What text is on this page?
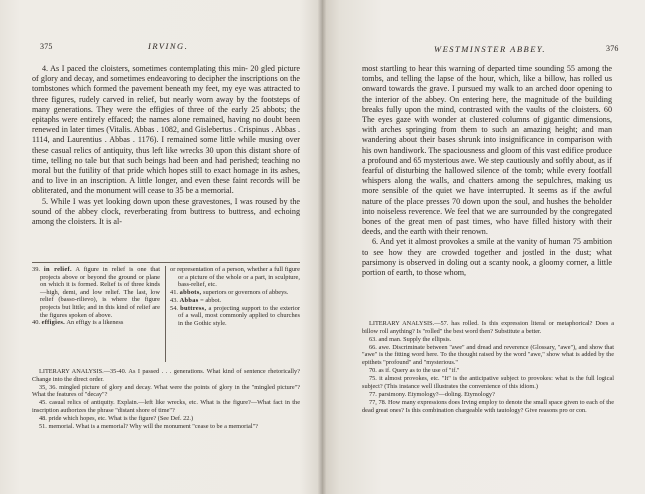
375	IRVING.

4. As I paced the cloisters, sometimes contemplating this min- 20 gled picture of glory and decay, and sometimes endeavoring to decipher the inscriptions on the tombstones which formed the pavement beneath my feet, my eye was attracted to three figures, rudely carved in relief, but nearly worn away by the footsteps of many generations. They were the effigies of three of the early 25 abbots; the epitaphs were entirely effaced; the names alone remained, having no doubt been renewed in later times (Vitalis. Abbas . 1082, and Gislebertus . Crispinus . Abbas . 1114, and Laurentius . Abbas . 1176). I remained some little while musing over these casual relics of antiquity, thus left like wrecks 30 upon this distant shore of time, telling no tale but that such beings had been and had perished; teaching no moral but the futility of that pride which hopes still to exact homage in its ashes, and to live in an inscription. A little longer, and even these faint records will be obliterated, and the monument will cease to 35 be a memorial.

5. While I was yet looking down upon these gravestones, I was roused by the sound of the abbey clock, reverberating from buttress to buttress, and echoing among the cloisters. It is al-

39. in relief. A figure in relief is one that projects above or beyond the ground or plane on which it is formed. Relief is of three kinds—high, demi, and low relief. The last, low relief (basso-rilievo), is where the figure projects but little; and in this kind of relief are the figures spoken of above.
40. effigies. An effigy is a likeness
or representation of a person, whether a full figure or a picture of the whole or a part, in sculpture, bass-relief, etc.
41. abbots, superiors or governors of abbeys.
43. Abbas = abbot.
54. buttress, a projecting support to the exterior of a wall, most commonly applied to churches in the Gothic style.

LITERARY ANALYSIS.—35-40. As I passed . . . generations. What kind of sentence rhetorically? Change into the direct order.

35, 36. mingled picture of glory and decay. What were the points of glory in the "mingled picture"? What the features of "decay"?

45. casual relics of antiquity. Explain.—left like wrecks, etc. What is the figure?—What fact in the inscription authorizes the phrase "distant shore of time"?

48. pride which hopes, etc. What is the figure? (See Def. 22.)

51. memorial. What is a memorial? Why will the monument "cease to be a memorial"?

WESTMINSTER ABBEY.	376

most startling to hear this warning of departed time sounding 55 among the tombs, and telling the lapse of the hour, which, like a billow, has rolled us onward towards the grave. I pursued my walk to an arched door opening to the interior of the abbey. On entering here, the magnitude of the building breaks fully upon the mind, contrasted with the vaults of the cloisters. 60 The eyes gaze with wonder at clustered columns of gigantic dimensions, with arches springing from them to such an amazing height; and man wandering about their bases shrunk into insignificance in comparison with his own handiwork. The spaciousness and gloom of this vast edifice produce a profound and 65 mysterious awe. We step cautiously and softly about, as if fearful of disturbing the hallowed silence of the tomb; while every footfall whispers along the walls, and chatters among the sepulchres, making us more sensible of the quiet we have interrupted. It seems as if the awful nature of the place presses 70 down upon the soul, and hushes the beholder into noiseless reverence. We feel that we are surrounded by the congregated bones of the great men of past times, who have filled history with their deeds, and the earth with their renown.

6. And yet it almost provokes a smile at the vanity of human 75 ambition to see how they are crowded together and jostled in the dust; what parsimony is observed in doling out a scanty nook, a gloomy corner, a little portion of earth, to those whom,

LITERARY ANALYSIS.—57. has rolled. Is this expression literal or metaphorical? Does a billow roll anything? Is "rolled" the best word then? Substitute a better.

63. and man. Supply the ellipsis.

66. awe. Discriminate between "awe" and dread and reverence (Glossary, "awe"), and show that "awe" is the fitting word here. To the thought raised by the word "awe," show what is added by the epithets "profound" and "mysterious."

70. as if. Query as to the use of "if."

75. it almost provokes, etc. "It" is the anticipative subject to provokes: what is the full logical subject? (This instance well illustrates the convenience of this idiom.)

77. parsimony. Etymology?—doling. Etymology?

77, 78. How many expressions does Irving employ to denote the small space given to each of the dead great ones? Is this combination chargeable with tautology? Give reasons pro or con.
